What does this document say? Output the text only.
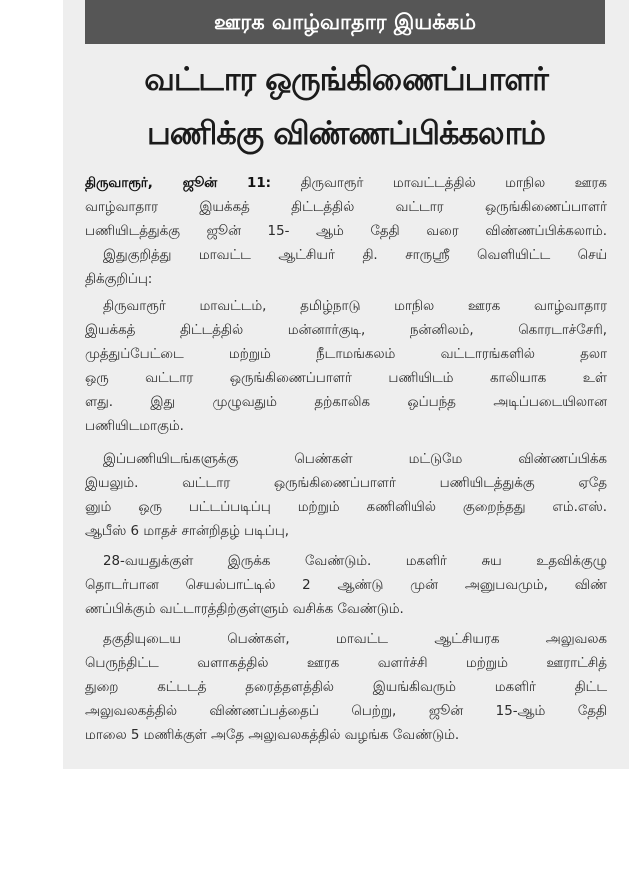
ஊரக வாழ்வாதார இயக்கம்
வட்டார ஒருங்கிணைப்பாளர்
பணிக்கு விண்ணப்பிக்கலாம்
திருவாரூர், ஜூன் 11: திருவாரூர் மாவட்டத்தில் மாநில ஊரக
வாழ்வாதார இயக்கத் திட்டத்தில் வட்டார ஒருங்கிணைப்பாளர்
பணியிடத்துக்கு ஜூன் 15- ஆம் தேதி வரை விண்ணப்பிக்கலாம்.
இதுகுறித்து மாவட்ட ஆட்சியர் தி. சாருஸ்ரீ வெளியிட்ட செய்
திக்குறிப்பு:
திருவாரூர் மாவட்டம், தமிழ்நாடு மாநில ஊரக வாழ்வாதார
இயக்கத் திட்டத்தில் மன்னார்குடி, நன்னிலம், கொரடாச்சேரி,
முத்துப்பேட்டை மற்றும் நீடாமங்கலம் வட்டாரங்களில் தலா
ஒரு வட்டார ஒருங்கிணைப்பாளர் பணியிடம் காலியாக உள்
ளது. இது முழுவதும் தற்காலிக ஒப்பந்த அடிப்படையிலான
பணியிடமாகும்.
இப்பணியிடங்களுக்கு பெண்கள் மட்டுமே விண்ணப்பிக்க
இயலும். வட்டார ஒருங்கிணைப்பாளர் பணியிடத்துக்கு ஏதே
னும் ஒரு பட்டப்படிப்பு மற்றும் கணினியில் குறைந்தது எம்.எஸ்.
ஆபீஸ் 6 மாதச் சான்றிதழ் படிப்பு,
28-வயதுக்குள் இருக்க வேண்டும். மகளிர் சுய உதவிக்குழு
தொடர்பான செயல்பாட்டில் 2 ஆண்டு முன் அனுபவமும், விண்
ணப்பிக்கும் வட்டாரத்திற்குள்ளும் வசிக்க வேண்டும்.
தகுதியுடைய பெண்கள், மாவட்ட ஆட்சியரக அலுவலக
பெருந்திட்ட வளாகத்தில் ஊரக வளர்ச்சி மற்றும் ஊராட்சித்
துறை கட்டடத் தரைத்தளத்தில் இயங்கிவரும் மகளிர் திட்ட
அலுவலகத்தில் விண்ணப்பத்தைப் பெற்று, ஜூன் 15-ஆம் தேதி
மாலை 5 மணிக்குள் அதே அலுவலகத்தில் வழங்க வேண்டும்.
